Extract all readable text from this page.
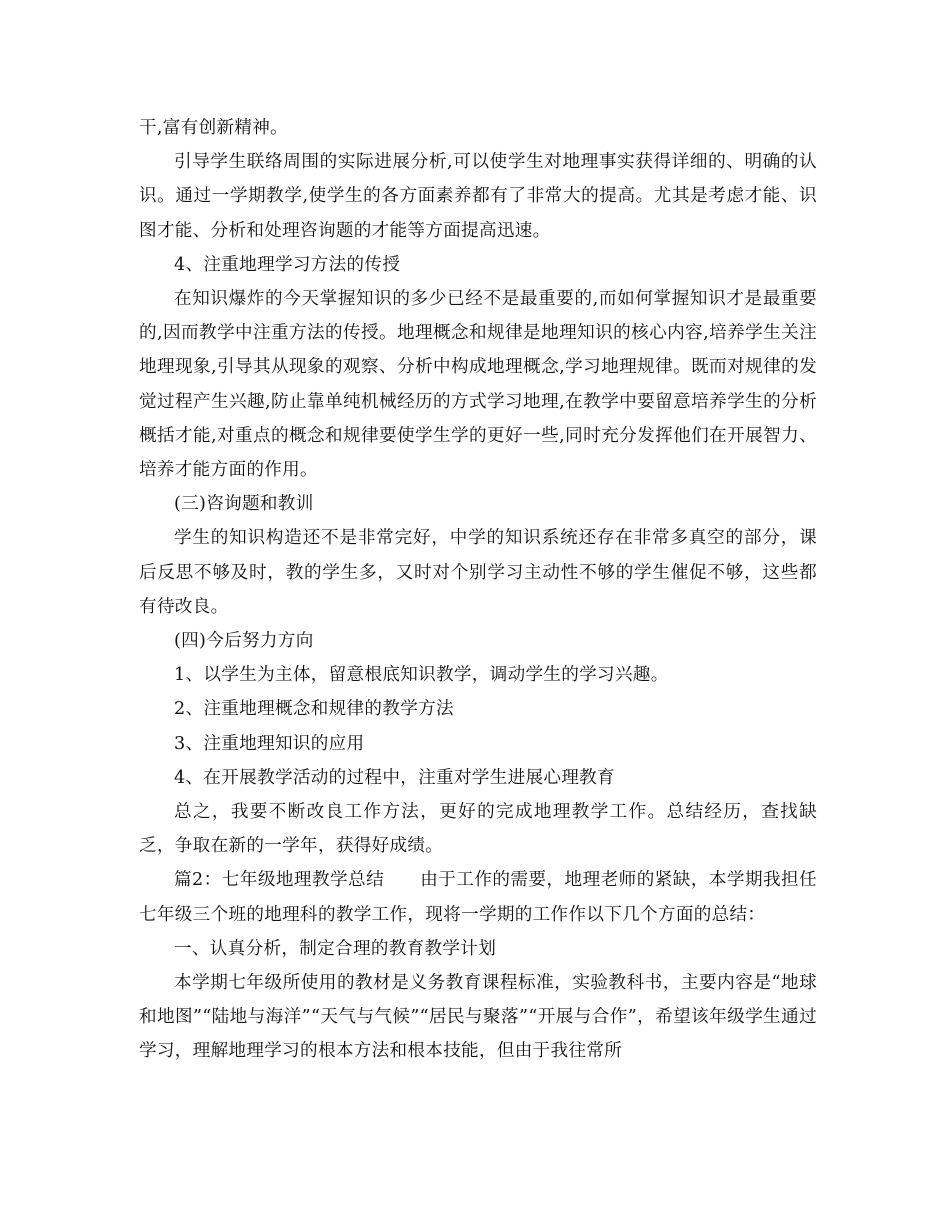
干,富有创新精神。

引导学生联络周围的实际进展分析,可以使学生对地理事实获得详细的、明确的认识。通过一学期教学,使学生的各方面素养都有了非常大的提高。尤其是考虑才能、识图才能、分析和处理咨询题的才能等方面提高迅速。

4、注重地理学习方法的传授

在知识爆炸的今天掌握知识的多少已经不是最重要的,而如何掌握知识才是最重要的,因而教学中注重方法的传授。地理概念和规律是地理知识的核心内容,培养学生关注地理现象,引导其从现象的观察、分析中构成地理概念,学习地理规律。既而对规律的发觉过程产生兴趣,防止靠单纯机械经历的方式学习地理,在教学中要留意培养学生的分析概括才能,对重点的概念和规律要使学生学的更好一些,同时充分发挥他们在开展智力、培养才能方面的作用。

(三)咨询题和教训

学生的知识构造还不是非常完好，中学的知识系统还存在非常多真空的部分，课后反思不够及时，教的学生多，又时对个别学习主动性不够的学生催促不够，这些都有待改良。

(四)今后努力方向

1、以学生为主体，留意根底知识教学，调动学生的学习兴趣。

2、注重地理概念和规律的教学方法

3、注重地理知识的应用

4、在开展教学活动的过程中，注重对学生进展心理教育

总之，我要不断改良工作方法，更好的完成地理教学工作。总结经历，查找缺乏，争取在新的一学年，获得好成绩。

篇2：七年级地理教学总结　　由于工作的需要，地理老师的紧缺，本学期我担任七年级三个班的地理科的教学工作，现将一学期的工作作以下几个方面的总结：

一、认真分析，制定合理的教育教学计划

本学期七年级所使用的教材是义务教育课程标准，实验教科书，主要内容是“地球和地图”“陆地与海洋”“天气与气候”“居民与聚落”“开展与合作”，希望该年级学生通过学习，理解地理学习的根本方法和根本技能，但由于我往常所
